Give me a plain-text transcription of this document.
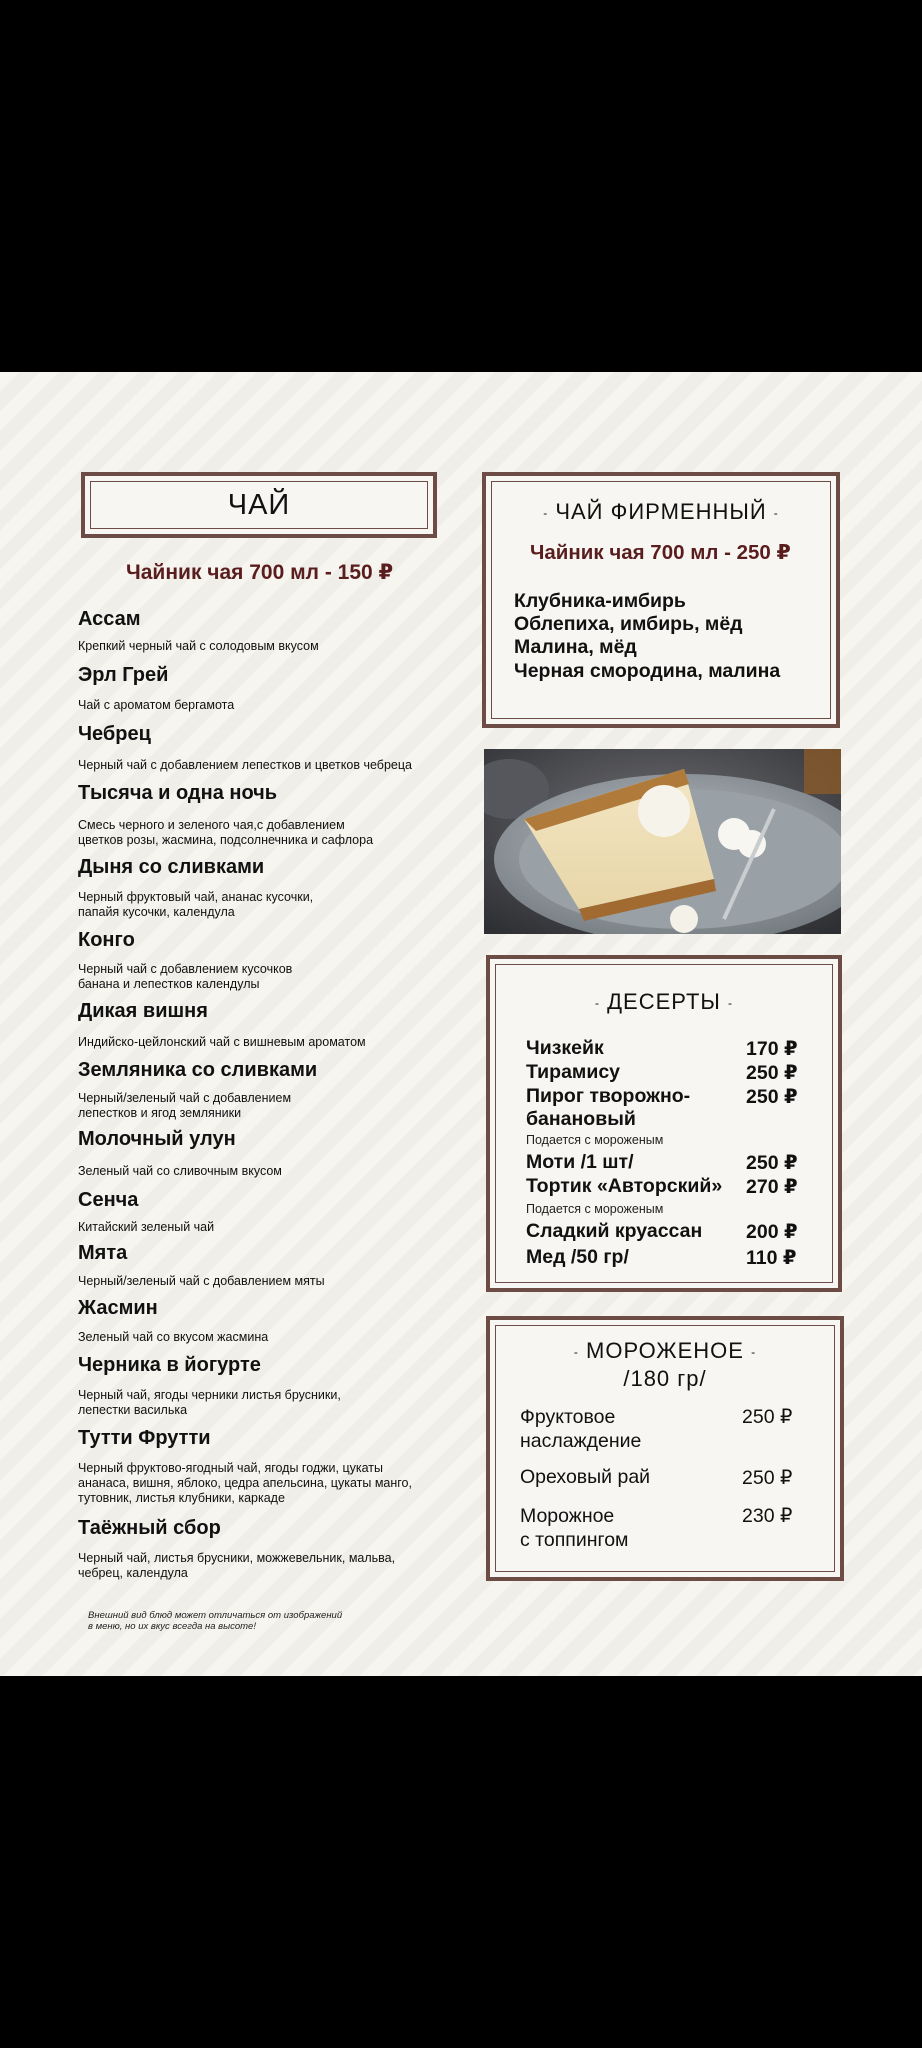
ЧАЙ
Чайник чая 700 мл - 150 ₽
Ассам
Крепкий черный чай с солодовым вкусом
Эрл Грей
Чай с ароматом бергамота
Чебрец
Черный чай с добавлением лепестков и цветков чебреца
Тысяча и одна ночь
Смесь черного и зеленого чая,с добавлением
цветков розы, жасмина, подсолнечника и сафлора
Дыня со сливками
Черный фруктовый чай, ананас кусочки,
папайя кусочки, календула
Конго
Черный чай с добавлением кусочков
банана и лепестков календулы
Дикая вишня
Индийско-цейлонский чай с вишневым ароматом
Земляника со сливками
Черный/зеленый чай с добавлением
лепестков и ягод земляники
Молочный улун
Зеленый чай со сливочным вкусом
Сенча
Китайский зеленый чай
Мята
Черный/зеленый чай с добавлением мяты
Жасмин
Зеленый чай со вкусом жасмина
Черника в йогурте
Черный чай, ягоды черники листья брусники,
лепестки василька
Тутти Фрутти
Черный фруктово-ягодный чай, ягоды годжи, цукаты
ананаса, вишня, яблоко, цедра апельсина, цукаты манго,
тутовник, листья клубники, каркаде
Таёжный сбор
Черный чай, листья брусники, можжевельник, мальва,
чебрец, календула
Внешний вид блюд может отличаться от изображений
в меню, но их вкус всегда на высоте!
- ЧАЙ ФИРМЕННЫЙ -
Чайник чая 700 мл - 250 ₽
Клубника-имбирь
Облепиха, имбирь, мёд
Малина, мёд
Черная смородина, малина
- ДЕСЕРТЫ -
Чизкейк	170 ₽
Тирамису	250 ₽
Пирог творожно-
банановый
250 ₽
Подается с мороженым
Моти /1 шт/	250 ₽
Тортик «Авторский» 270 ₽
Подается с мороженым
Сладкий круассан 200 ₽
Мед /50 гр/	110 ₽
- МОРОЖЕНОЕ -
/180 гр/
Фруктовое
наслаждение
250 ₽
Ореховый рай	250 ₽
Морожное
с топпингом
230 ₽
